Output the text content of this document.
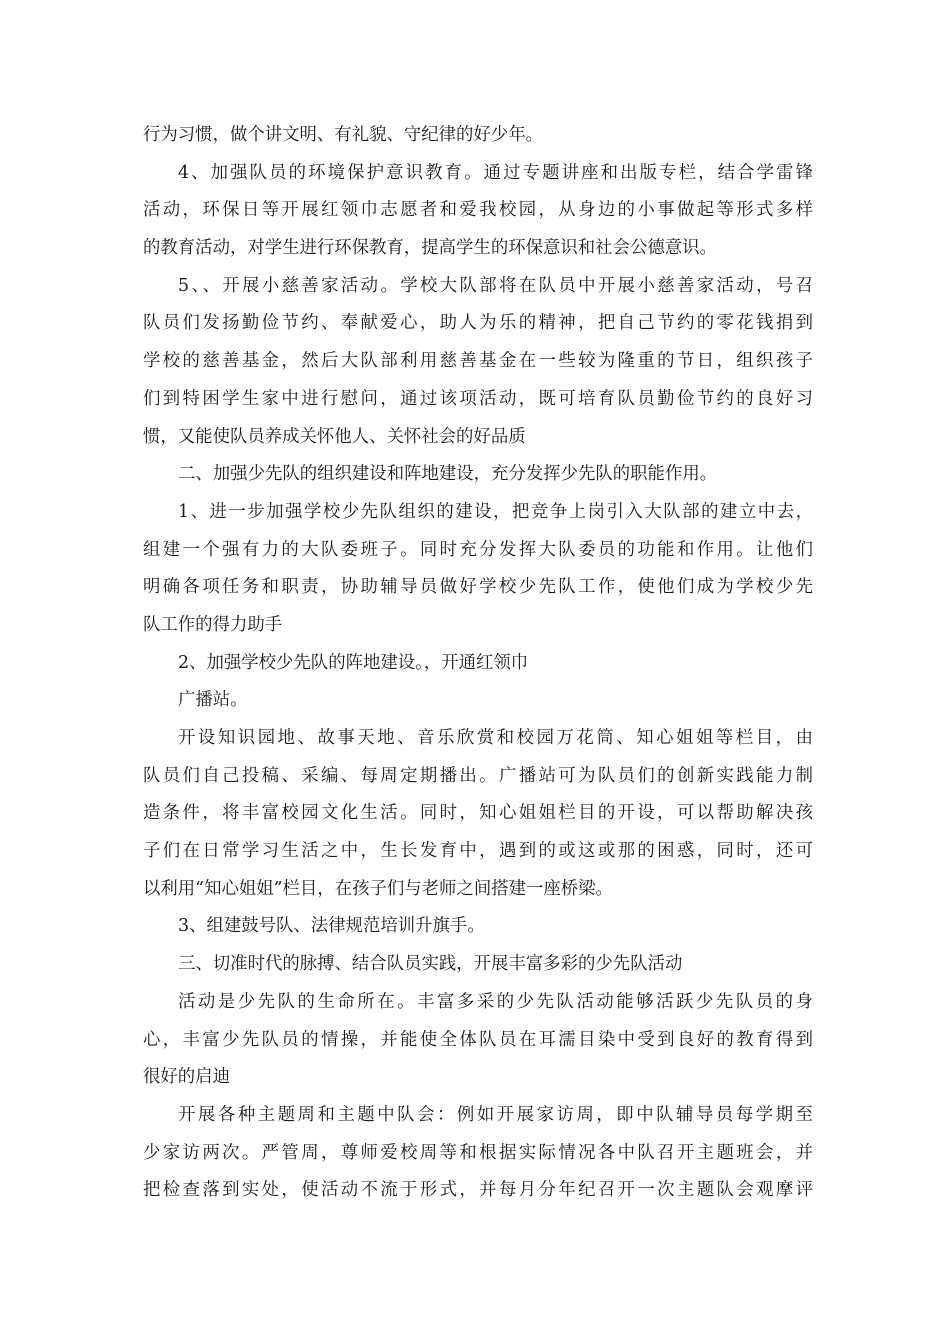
行为习惯，做个讲文明、有礼貌、守纪律的好少年。
4、加强队员的环境保护意识教育。通过专题讲座和出版专栏，结合学雷锋
活动，环保日等开展红领巾志愿者和爱我校园，从身边的小事做起等形式多样
的教育活动，对学生进行环保教育，提高学生的环保意识和社会公德意识。
5、、开展小慈善家活动。学校大队部将在队员中开展小慈善家活动，号召
队员们发扬勤俭节约、奉献爱心，助人为乐的精神，把自己节约的零花钱捐到
学校的慈善基金，然后大队部利用慈善基金在一些较为隆重的节日，组织孩子
们到特困学生家中进行慰问，通过该项活动，既可培育队员勤俭节约的良好习
惯，又能使队员养成关怀他人、关怀社会的好品质
二、加强少先队的组织建设和阵地建设，充分发挥少先队的职能作用。
1、进一步加强学校少先队组织的建设，把竞争上岗引入大队部的建立中去，
组建一个强有力的大队委班子。同时充分发挥大队委员的功能和作用。让他们
明确各项任务和职责，协助辅导员做好学校少先队工作，使他们成为学校少先
队工作的得力助手
2、加强学校少先队的阵地建设。，开通红领巾
广播站。
开设知识园地、故事天地、音乐欣赏和校园万花筒、知心姐姐等栏目，由
队员们自己投稿、采编、每周定期播出。广播站可为队员们的创新实践能力制
造条件，将丰富校园文化生活。同时，知心姐姐栏目的开设，可以帮助解决孩
子们在日常学习生活之中，生长发育中，遇到的或这或那的困惑，同时，还可
以利用“知心姐姐”栏目，在孩子们与老师之间搭建一座桥梁。
3、组建鼓号队、法律规范培训升旗手。
三、切准时代的脉搏、结合队员实践，开展丰富多彩的少先队活动
活动是少先队的生命所在。丰富多采的少先队活动能够活跃少先队员的身
心，丰富少先队员的情操，并能使全体队员在耳濡目染中受到良好的教育得到
很好的启迪
开展各种主题周和主题中队会：例如开展家访周，即中队辅导员每学期至
少家访两次。严管周，尊师爱校周等和根据实际情况各中队召开主题班会，并
把检查落到实处，使活动不流于形式，并每月分年纪召开一次主题队会观摩评
